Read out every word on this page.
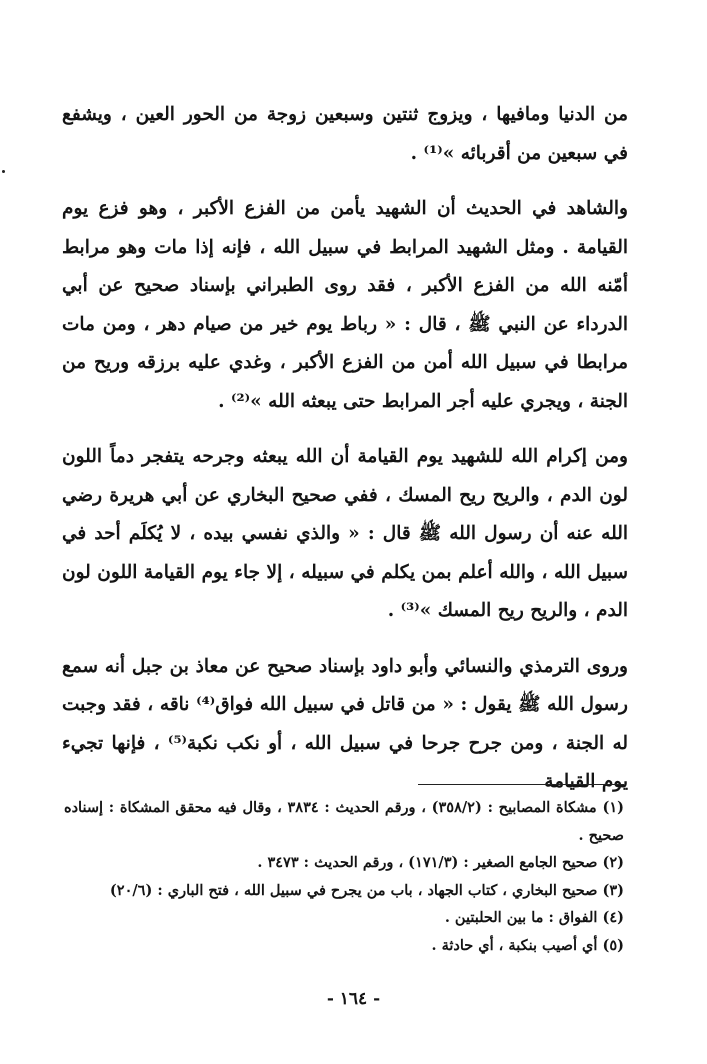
من الدنيا ومافيها ، ويزوج ثنتين وسبعين زوجة من الحور العين ، ويشفع في سبعين من أقربائه »⁽¹⁾ .

والشاهد في الحديث أن الشهيد يأمن من الفزع الأكبر ، وهو فزع يوم القيامة . ومثل الشهيد المرابط في سبيل الله ، فإنه إذا مات وهو مرابط أمّنه الله من الفزع الأكبر ، فقد روى الطبراني بإسناد صحيح عن أبي الدرداء عن النبي ﷺ ، قال : « رباط يوم خير من صيام دهر ، ومن مات مرابطا في سبيل الله أمن من الفزع الأكبر ، وغدي عليه برزقه وريح من الجنة ، ويجري عليه أجر المرابط حتى يبعثه الله »⁽²⁾ .

ومن إكرام الله للشهيد يوم القيامة أن الله يبعثه وجرحه يتفجر دماً اللون لون الدم ، والريح ريح المسك ، ففي صحيح البخاري عن أبي هريرة رضي الله عنه أن رسول الله ﷺ قال : « والذي نفسي بيده ، لا يُكلَم أحد في سبيل الله ، والله أعلم بمن يكلم في سبيله ، إلا جاء يوم القيامة اللون لون الدم ، والريح ريح المسك »⁽³⁾ .

وروى الترمذي والنسائي وأبو داود بإسناد صحيح عن معاذ بن جبل أنه سمع رسول الله ﷺ يقول : « من قاتل في سبيل الله فواق⁽⁴⁾ ناقه ، فقد وجبت له الجنة ، ومن جرح جرحا في سبيل الله ، أو نكب نكبة⁽⁵⁾ ، فإنها تجيء يوم القيامة

(١) مشكاة المصابيح : (٣٥٨/٢) ، ورقم الحديث : ٣٨٣٤ ، وقال فيه محقق المشكاة : إسناده صحيح .

(٢) صحيح الجامع الصغير : (١٧١/٣) ، ورقم الحديث : ٣٤٧٣ .

(٣) صحيح البخاري ، كتاب الجهاد ، باب من يجرح في سبيل الله ، فتح الباري : (٢٠/٦)

(٤) الفواق : ما بين الحلبتين .

(٥) أي أصيب بنكبة ، أي حادثة .

- ١٦٤ -
